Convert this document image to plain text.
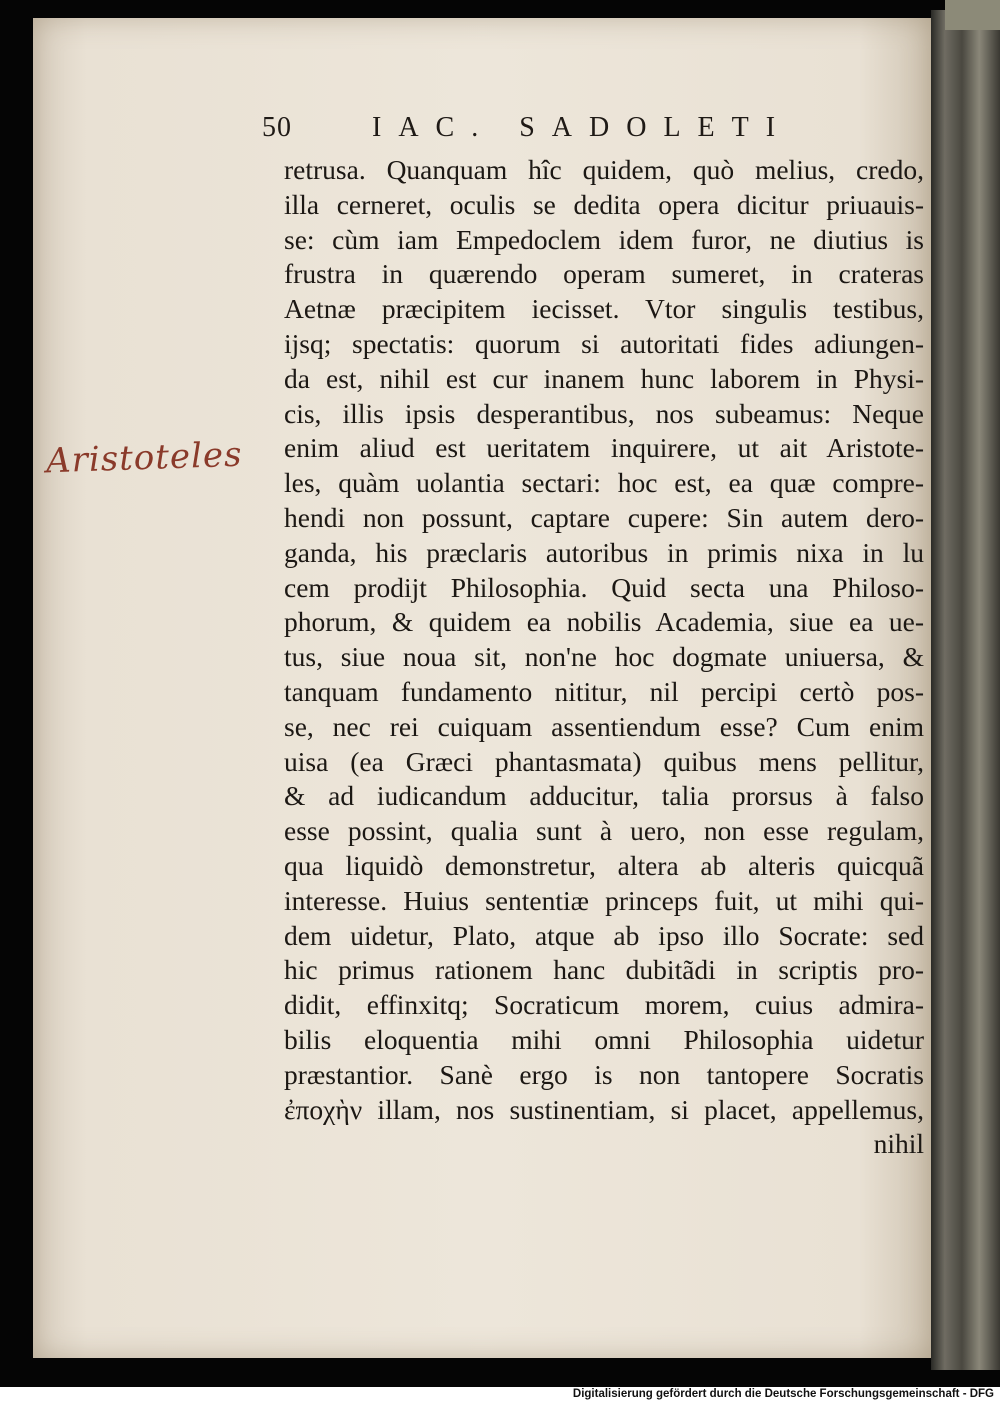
50	IAC. SADOLETI
Aristoteles
retrusa. Quanquam hîc quidem, quò melius, credo,
illa cerneret, oculis se dedita opera dicitur priuauis-
se: cùm iam Empedoclem idem furor, ne diutius is
frustra in quærendo operam sumeret, in crateras
Aetnæ præcipitem iecisset. Vtor singulis testibus,
ijsq; spectatis: quorum si autoritati fides adiungen-
da est, nihil est cur inanem hunc laborem in Physi-
cis, illis ipsis desperantibus, nos subeamus: Neque
enim aliud est ueritatem inquirere, ut ait Aristote-
les, quàm uolantia sectari: hoc est, ea quæ compre-
hendi non possunt, captare cupere: Sin autem dero-
ganda, his præclaris autoribus in primis nixa in lu
cem prodijt Philosophia. Quid secta una Philoso-
phorum, & quidem ea nobilis Academia, siue ea ue-
tus, siue noua sit, non'ne hoc dogmate uniuersa, &
tanquam fundamento nititur, nil percipi certò pos-
se, nec rei cuiquam assentiendum esse? Cum enim
uisa (ea Græci phantasmata) quibus mens pellitur,
& ad iudicandum adducitur, talia prorsus à falso
esse possint, qualia sunt à uero, non esse regulam,
qua liquidò demonstretur, altera ab alteris quicquã
interesse. Huius sententiæ princeps fuit, ut mihi qui-
dem uidetur, Plato, atque ab ipso illo Socrate: sed
hic primus rationem hanc dubitãdi in scriptis pro-
didit, effinxitq; Socraticum morem, cuius admira-
bilis eloquentia mihi omni Philosophia uidetur
præstantior. Sanè ergo is non tantopere Socratis
ἐποχὴν illam, nos sustinentiam, si placet, appellemus,
nihil
Digitalisierung gefördert durch die Deutsche Forschungsgemeinschaft - DFG
